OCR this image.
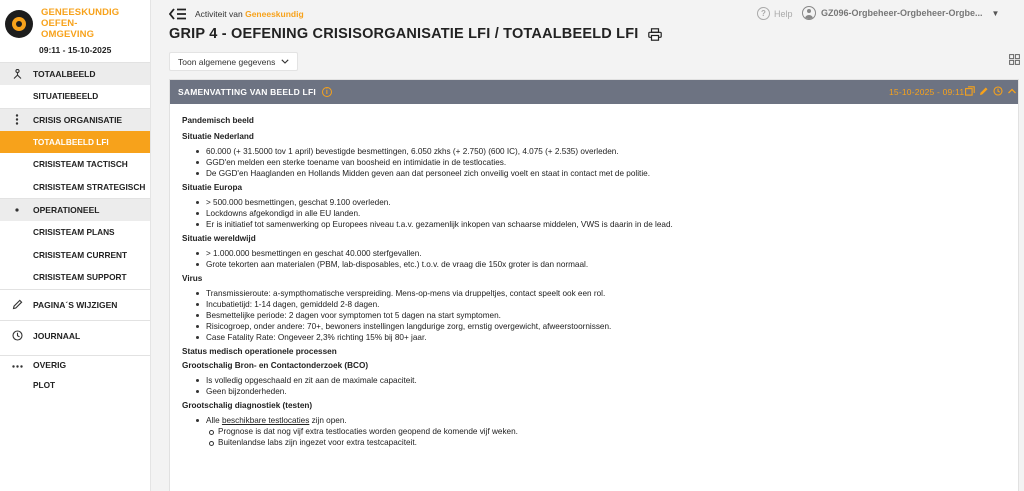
GENEESKUNDIG
OEFEN-
OMGEVING
09:11 - 15-10-2025
TOTAALBEELD
SITUATIEBEELD
CRISIS ORGANISATIE
TOTAALBEELD LFI
CRISISTEAM TACTISCH
CRISISTEAM STRATEGISCH
OPERATIONEEL
CRISISTEAM PLANS
CRISISTEAM CURRENT
CRISISTEAM SUPPORT
PAGINA´S WIJZIGEN
JOURNAAL
OVERIG
PLOT
Activiteit van Geneeskundig	? Help	GZ096-Orgbeheer-Orgbeheer-Orgbe... ▼
GRIP 4 - OEFENING CRISISORGANISATIE LFI / TOTAALBEELD LFI
Toon algemene gegevens
SAMENVATTING VAN BEELD LFI	i	15-10-2025 - 09:11
Pandemisch beeld
Situatie Nederland
60.000 (+ 31.5000 tov 1 april) bevestigde besmettingen, 6.050 zkhs (+ 2.750) (600 IC), 4.075 (+ 2.535) overleden.
GGD'en melden een sterke toename van boosheid en intimidatie in de testlocaties.
De GGD'en Haaglanden en Hollands Midden geven aan dat personeel zich onveilig voelt en staat in contact met de politie.
Situatie Europa
> 500.000 besmettingen, geschat 9.100 overleden.
Lockdowns afgekondigd in alle EU landen.
Er is initiatief tot samenwerking op Europees niveau t.a.v. gezamenlijk inkopen van schaarse middelen, VWS is daarin in de lead.
Situatie wereldwijd
> 1.000.000 besmettingen en geschat 40.000 sterfgevallen.
Grote tekorten aan materialen (PBM, lab-disposables, etc.) t.o.v. de vraag die 150x groter is dan normaal.
Virus
Transmissieroute: a-sympthomatische verspreiding. Mens-op-mens via druppeltjes, contact speelt ook een rol.
Incubatietijd: 1-14 dagen, gemiddeld 2-8 dagen.
Besmettelijke periode: 2 dagen voor symptomen tot 5 dagen na start symptomen.
Risicogroep, onder andere: 70+, bewoners instellingen langdurige zorg, ernstig overgewicht, afweerstoornissen.
Case Fatality Rate: Ongeveer 2,3% richting 15% bij 80+ jaar.
Status medisch operationele processen
Grootschalig Bron- en Contactonderzoek (BCO)
Is volledig opgeschaald en zit aan de maximale capaciteit.
Geen bijzonderheden.
Grootschalig diagnostiek (testen)
Alle beschikbare testlocaties zijn open.
Prognose is dat nog vijf extra testlocaties worden geopend de komende vijf weken.
Buitenlandse labs zijn ingezet voor extra testcapaciteit.
